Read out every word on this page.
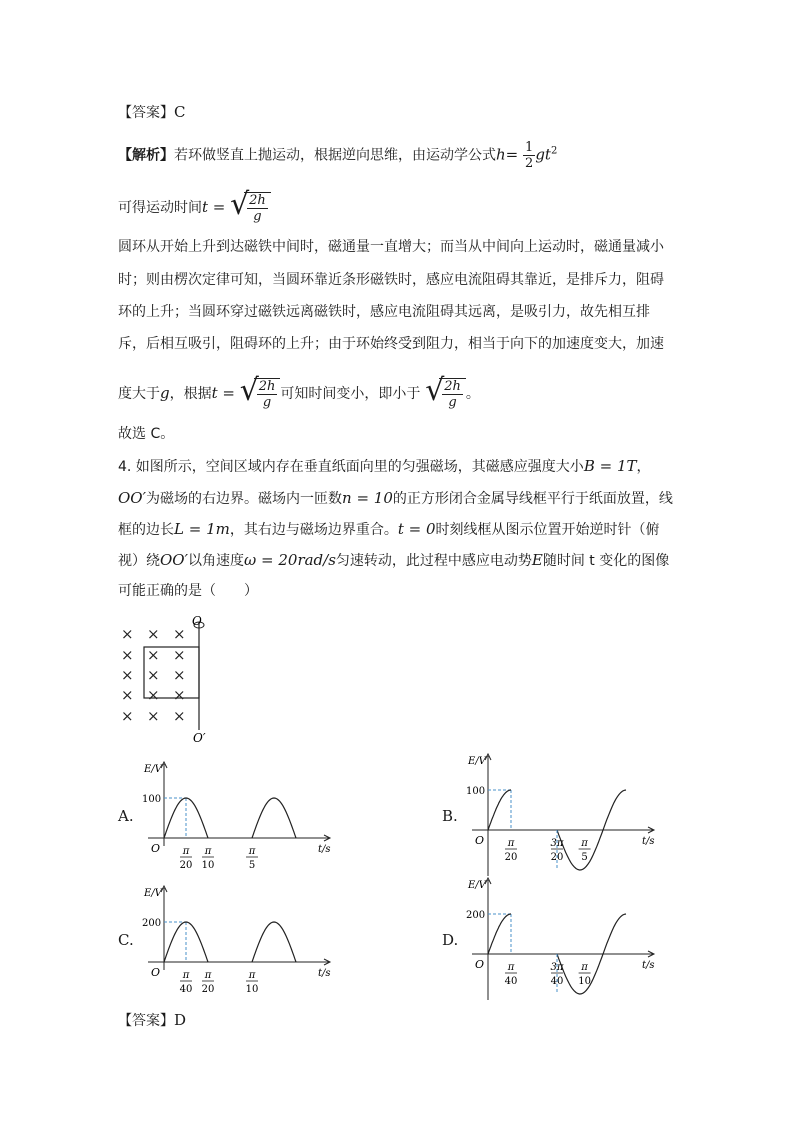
【答案】C
【解析】若环做竖直上抛运动，根据逆向思维，由运动学公式$h= \frac{1}{2} gt^2$
可得运动时间t = √
$\frac{2h}{g}$
圆环从开始上升到达磁铁中间时，磁通量一直增大；而当从中间向上运动时，磁通量减小
时；则由楞次定律可知，当圆环靠近条形磁铁时，感应电流阻碍其靠近，是排斥力，阻碍
环的上升；当圆环穿过磁铁远离磁铁时，感应电流阻碍其远离，是吸引力，故先相互排
斥，后相互吸引，阻碍环的上升；由于环始终受到阻力，相当于向下的加速度变大，加速
度大于g，根据t = √
$\frac{2h}{g}$ 可知时间变小，即小于 √
$\frac{2h}{g}$ 。
故选 C。
4. 如图所示，空间区域内存在垂直纸面向里的匀强磁场，其磁感应强度大小B = 1T，
OO′为磁场的右边界。磁场内一匝数n = 10的正方形闭合金属导线框平行于纸面放置，线
框的边长L = 1m，其右边与磁场边界重合。t = 0时刻线框从图示位置开始逆时针（俯
视）绕OO′以角速度ω = 20rad/s匀速转动，此过程中感应电动势E随时间 t 变化的图像
可能正确的是（　　）
× × ×
× × ×
× × ×
× × ×
× × ×
O
O′
A.
E/V
t/s
O
100
π
20
π
10
π
5
B.
E/V
t/s
O
100
π
20
3π
20
π
5
C.
E/V
t/s
O
200
π
40
π
20
π
10
D.
E/V
t/s
O
200
π
40
3π
40
π
10
【答案】D
